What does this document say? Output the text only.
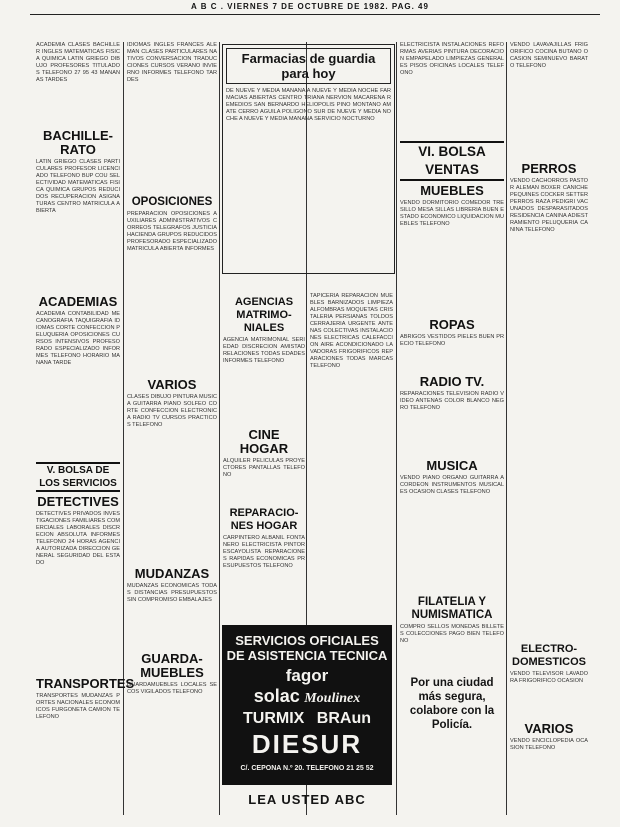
A B C . VIERNES 7 DE OCTUBRE DE 1982. PAG. 49
ACADEMIA CLASES BACHILLER INGLES MATEMATICAS FISICA QUIMICA LATIN GRIEGO DIBUJO PROFESORES TITULADOS TELEFONO 27 95 43 MANANAS TARDES
BACHILLE-RATO
LATIN GRIEGO CLASES PARTICULARES PROFESOR LICENCIADO TELEFONO BUP COU SELECTIVIDAD MATEMATICAS FISICA QUIMICA GRUPOS REDUCIDOS RECUPERACION ASIGNATURAS CENTRO MATRICULA ABIERTA
ACADEMIAS
ACADEMIA CONTABILIDAD MECANOGRAFIA TAQUIGRAFIA IDIOMAS CORTE CONFECCION PELUQUERIA OPOSICIONES CURSOS INTENSIVOS PROFESORADO ESPECIALIZADO INFORMES TELEFONO HORARIO MANANA TARDE
V. BOLSA DE LOS SERVICIOS
DETECTIVES
DETECTIVES PRIVADOS INVESTIGACIONES FAMILIARES COMERCIALES LABORALES DISCRECION ABSOLUTA INFORMES TELEFONO 24 HORAS AGENCIA AUTORIZADA DIRECCION GENERAL SEGURIDAD DEL ESTADO
TRANSPORTES
TRANSPORTES MUDANZAS PORTES NACIONALES ECONOMICOS FURGONETA CAMION TELEFONO
IDIOMAS INGLES FRANCES ALEMAN CLASES PARTICULARES NATIVOS CONVERSACION TRADUCCIONES CURSOS VERANO INVIERNO INFORMES TELEFONO TARDES
OPOSICIONES
PREPARACION OPOSICIONES AUXILIARES ADMINISTRATIVOS CORREOS TELEGRAFOS JUSTICIA HACIENDA GRUPOS REDUCIDOS PROFESORADO ESPECIALIZADO MATRICULA ABIERTA INFORMES
VARIOS
CLASES DIBUJO PINTURA MUSICA GUITARRA PIANO SOLFEO CORTE CONFECCION ELECTRONICA RADIO TV CURSOS PRACTICOS TELEFONO
MUDANZAS
MUDANZAS ECONOMICAS TODAS DISTANCIAS PRESUPUESTOS SIN COMPROMISO EMBALAJES
GUARDA-MUEBLES
GUARDAMUEBLES LOCALES SECOS VIGILADOS TELEFONO
Farmacias de guardia para hoy
DE NUEVE Y MEDIA MANANA A NUEVE Y MEDIA NOCHE FARMACIAS ABIERTAS CENTRO TRIANA NERVION MACARENA REMEDIOS SAN BERNARDO HELIOPOLIS PINO MONTANO AMATE CERRO AGUILA POLIGONO SUR DE NUEVE Y MEDIA NOCHE A NUEVE Y MEDIA MANANA SERVICIO NOCTURNO
AGENCIAS MATRIMO-NIALES
AGENCIA MATRIMONIAL SERIEDAD DISCRECION AMISTAD RELACIONES TODAS EDADES INFORMES TELEFONO
CINE HOGAR
ALQUILER PELICULAS PROYECTORES PANTALLAS TELEFONO
REPARACIO-NES HOGAR
CARPINTERO ALBANIL FONTANERO ELECTRICISTA PINTOR ESCAYOLISTA REPARACIONES RAPIDAS ECONOMICAS PRESUPUESTOS TELEFONO
TAPICERIA REPARACION MUEBLES BARNIZADOS LIMPIEZA ALFOMBRAS MOQUETAS CRISTALERIA PERSIANAS TOLDOS CERRAJERIA URGENTE ANTENAS COLECTIVAS INSTALACIONES ELECTRICAS CALEFACCION AIRE ACONDICIONADO LAVADORAS FRIGORIFICOS REPARACIONES TODAS MARCAS TELEFONO
SERVICIOS OFICIALES
DE ASISTENCIA TECNICA
fagor
solac Moulinex
TURMIX BRAun
DIESUR
C/. CEPONA N.º 20. TELEFONO 21 25 52
LEA USTED ABC
ELECTRICISTA INSTALACIONES REFORMAS AVERIAS PINTURA DECORACION EMPAPELADO LIMPIEZAS GENERALES PISOS OFICINAS LOCALES TELEFONO
VI. BOLSA VENTAS
MUEBLES
VENDO DORMITORIO COMEDOR TRESILLO MESA SILLAS LIBRERIA BUEN ESTADO ECONOMICO LIQUIDACION MUEBLES TELEFONO
ROPAS
ABRIGOS VESTIDOS PIELES BUEN PRECIO TELEFONO
RADIO TV.
REPARACIONES TELEVISION RADIO VIDEO ANTENAS COLOR BLANCO NEGRO TELEFONO
MUSICA
VENDO PIANO ORGANO GUITARRA ACORDEON INSTRUMENTOS MUSICALES OCASION CLASES TELEFONO
FILATELIA Y NUMISMATICA
COMPRO SELLOS MONEDAS BILLETES COLECCIONES PAGO BIEN TELEFONO
Por una ciudad más segura, colabore con la Policía.
VENDO LAVAVAJILLAS FRIGORIFICO COCINA BUTANO OCASION SEMINUEVO BARATO TELEFONO
PERROS
VENDO CACHORROS PASTOR ALEMAN BOXER CANICHE PEQUINES COCKER SETTER PERROS RAZA PEDIGRI VACUNADOS DESPARASITADOS RESIDENCIA CANINA ADIESTRAMIENTO PELUQUERIA CANINA TELEFONO
ELECTRO-DOMESTICOS
VENDO TELEVISOR LAVADORA FRIGORIFICO OCASION
VARIOS
VENDO ENCICLOPEDIA OCASION TELEFONO
